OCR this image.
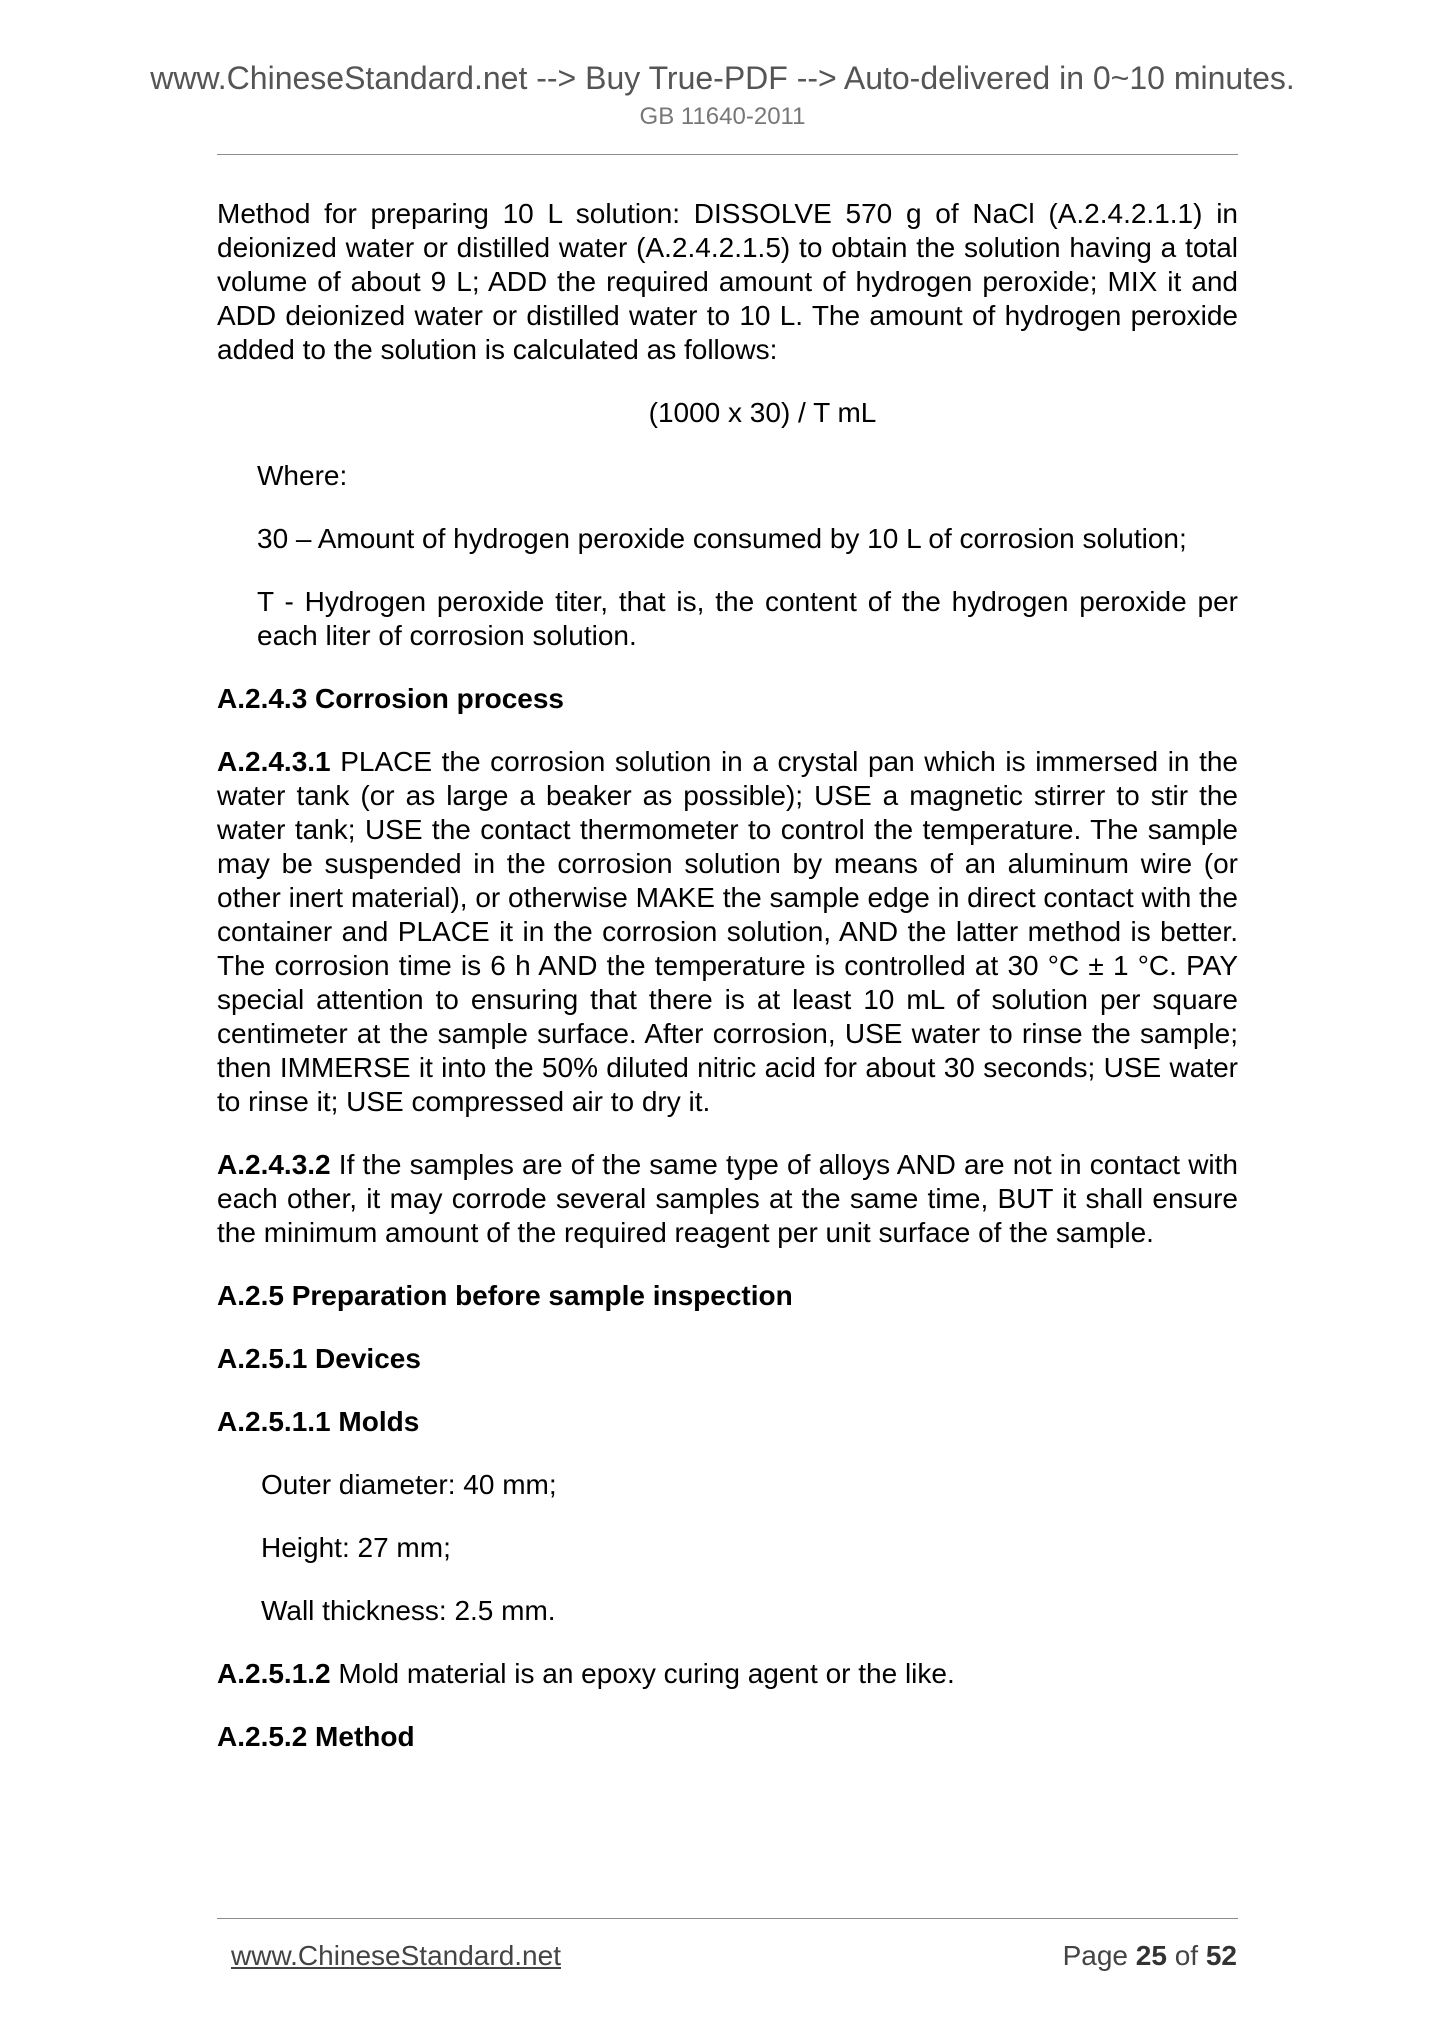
www.ChineseStandard.net --> Buy True-PDF --> Auto-delivered in 0~10 minutes.
GB 11640-2011

Method for preparing 10 L solution: DISSOLVE 570 g of NaCl (A.2.4.2.1.1) in deionized water or distilled water (A.2.4.2.1.5) to obtain the solution having a total volume of about 9 L; ADD the required amount of hydrogen peroxide; MIX it and ADD deionized water or distilled water to 10 L. The amount of hydrogen peroxide added to the solution is calculated as follows:

(1000 x 30) / T mL

Where:

30 – Amount of hydrogen peroxide consumed by 10 L of corrosion solution;

T - Hydrogen peroxide titer, that is, the content of the hydrogen peroxide per each liter of corrosion solution.

A.2.4.3 Corrosion process

A.2.4.3.1 PLACE the corrosion solution in a crystal pan which is immersed in the water tank (or as large a beaker as possible); USE a magnetic stirrer to stir the water tank; USE the contact thermometer to control the temperature. The sample may be suspended in the corrosion solution by means of an aluminum wire (or other inert material), or otherwise MAKE the sample edge in direct contact with the container and PLACE it in the corrosion solution, AND the latter method is better. The corrosion time is 6 h AND the temperature is controlled at 30 °C ± 1 °C. PAY special attention to ensuring that there is at least 10 mL of solution per square centimeter at the sample surface. After corrosion, USE water to rinse the sample; then IMMERSE it into the 50% diluted nitric acid for about 30 seconds; USE water to rinse it; USE compressed air to dry it.

A.2.4.3.2 If the samples are of the same type of alloys AND are not in contact with each other, it may corrode several samples at the same time, BUT it shall ensure the minimum amount of the required reagent per unit surface of the sample.

A.2.5 Preparation before sample inspection

A.2.5.1 Devices

A.2.5.1.1 Molds

Outer diameter: 40 mm;

Height: 27 mm;

Wall thickness: 2.5 mm.

A.2.5.1.2 Mold material is an epoxy curing agent or the like.

A.2.5.2 Method

www.ChineseStandard.net	Page 25 of 52
